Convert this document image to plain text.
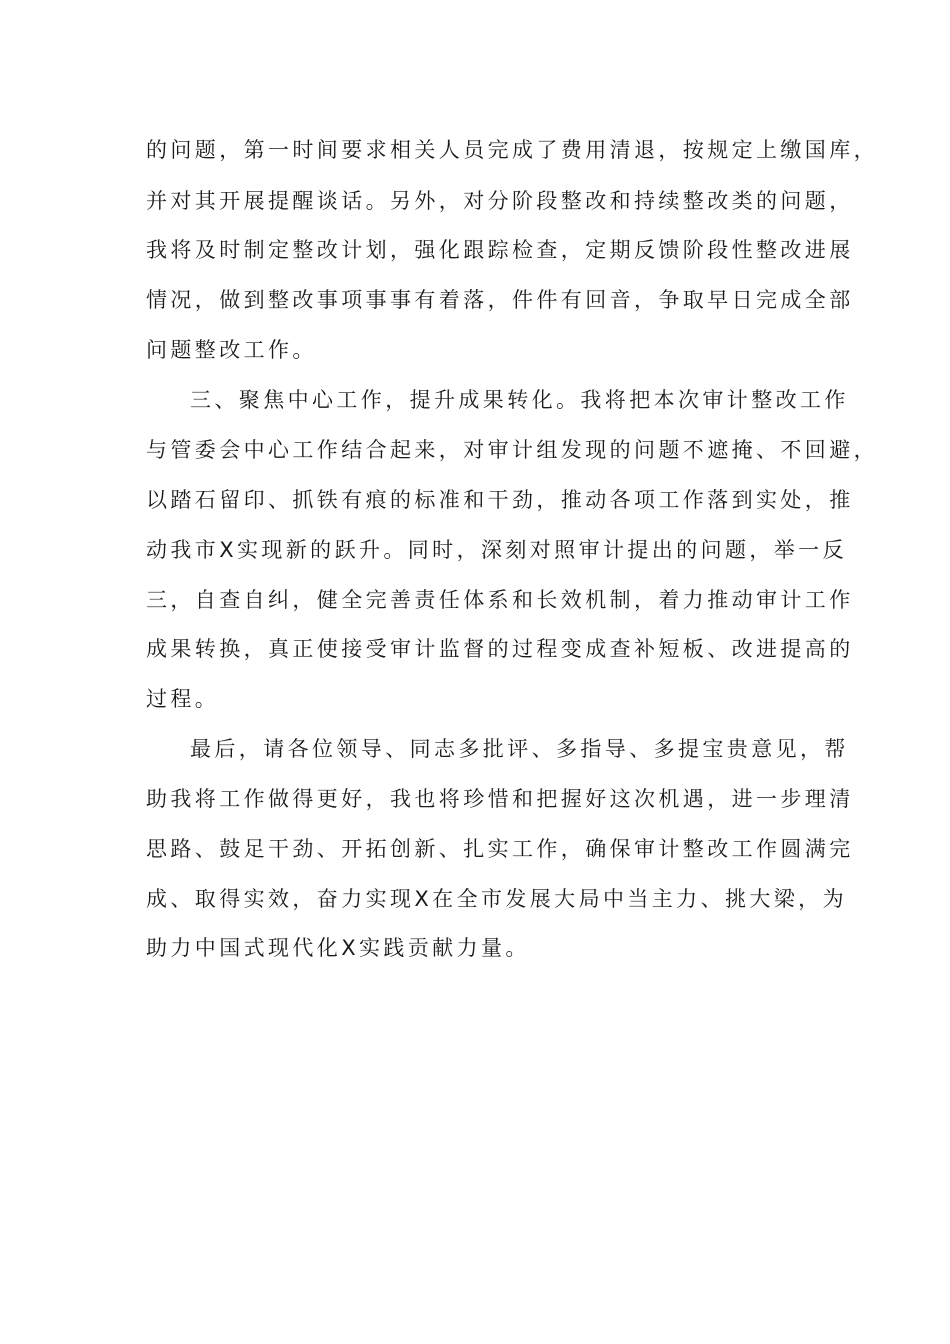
的问题，第一时间要求相关人员完成了费用清退，按规定上缴国库，
并对其开展提醒谈话。另外，对分阶段整改和持续整改类的问题，
我将及时制定整改计划，强化跟踪检查，定期反馈阶段性整改进展
情况，做到整改事项事事有着落，件件有回音，争取早日完成全部
问题整改工作。
三、聚焦中心工作，提升成果转化。我将把本次审计整改工作
与管委会中心工作结合起来，对审计组发现的问题不遮掩、不回避，
以踏石留印、抓铁有痕的标准和干劲，推动各项工作落到实处，推
动我市X实现新的跃升。同时，深刻对照审计提出的问题，举一反
三，自查自纠，健全完善责任体系和长效机制，着力推动审计工作
成果转换，真正使接受审计监督的过程变成查补短板、改进提高的
过程。
最后，请各位领导、同志多批评、多指导、多提宝贵意见，帮
助我将工作做得更好，我也将珍惜和把握好这次机遇，进一步理清
思路、鼓足干劲、开拓创新、扎实工作，确保审计整改工作圆满完
成、取得实效，奋力实现X在全市发展大局中当主力、挑大梁，为
助力中国式现代化X实践贡献力量。
